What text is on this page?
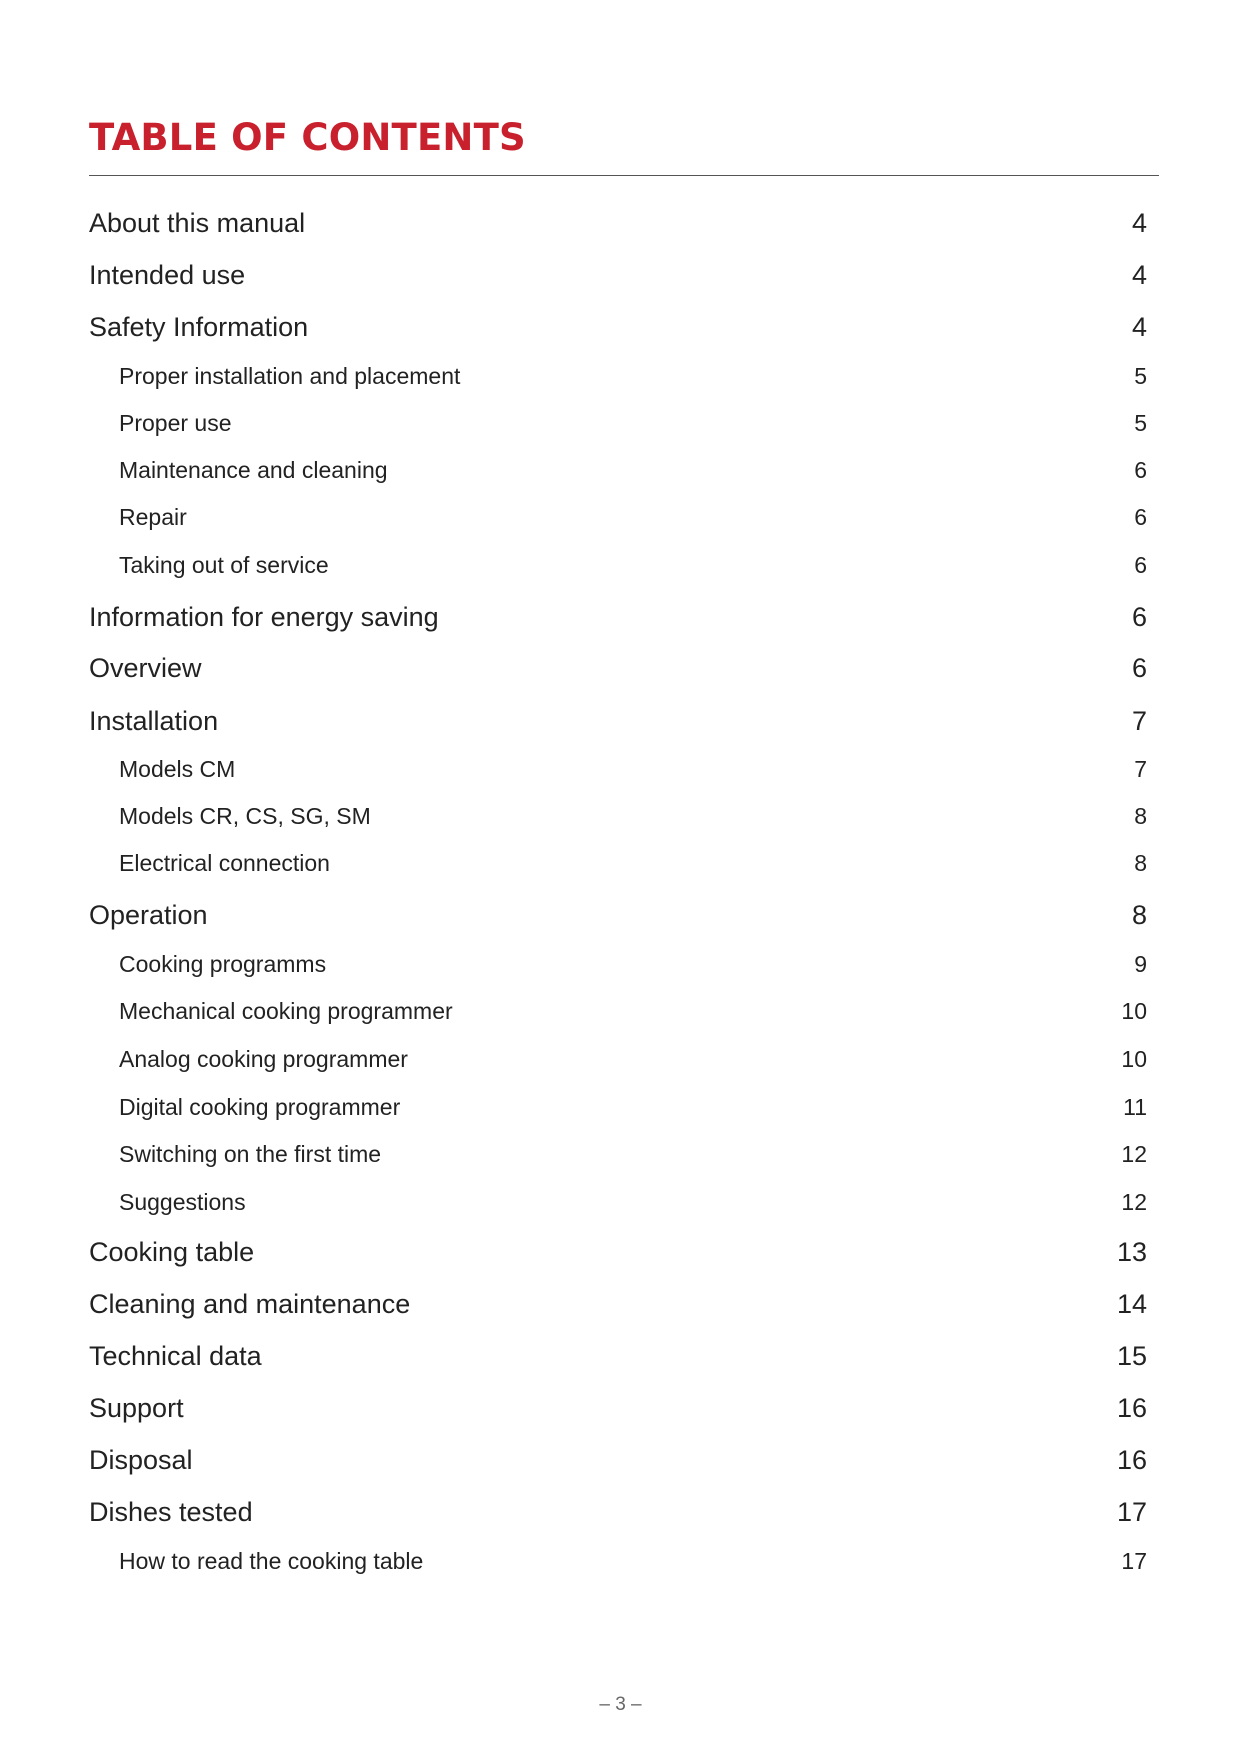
TABLE OF CONTENTS
About this manual	4
Intended use	4
Safety Information	4
Proper installation and placement	5
Proper use	5
Maintenance and cleaning	6
Repair	6
Taking out of service	6
Information for energy saving	6
Overview	6
Installation	7
Models CM	7
Models CR, CS, SG, SM	8
Electrical connection	8
Operation	8
Cooking programms	9
Mechanical cooking programmer	10
Analog cooking programmer	10
Digital cooking programmer	11
Switching on the first time	12
Suggestions	12
Cooking table	13
Cleaning and maintenance	14
Technical data	15
Support	16
Disposal	16
Dishes tested	17
How to read the cooking table	17
– 3 –
